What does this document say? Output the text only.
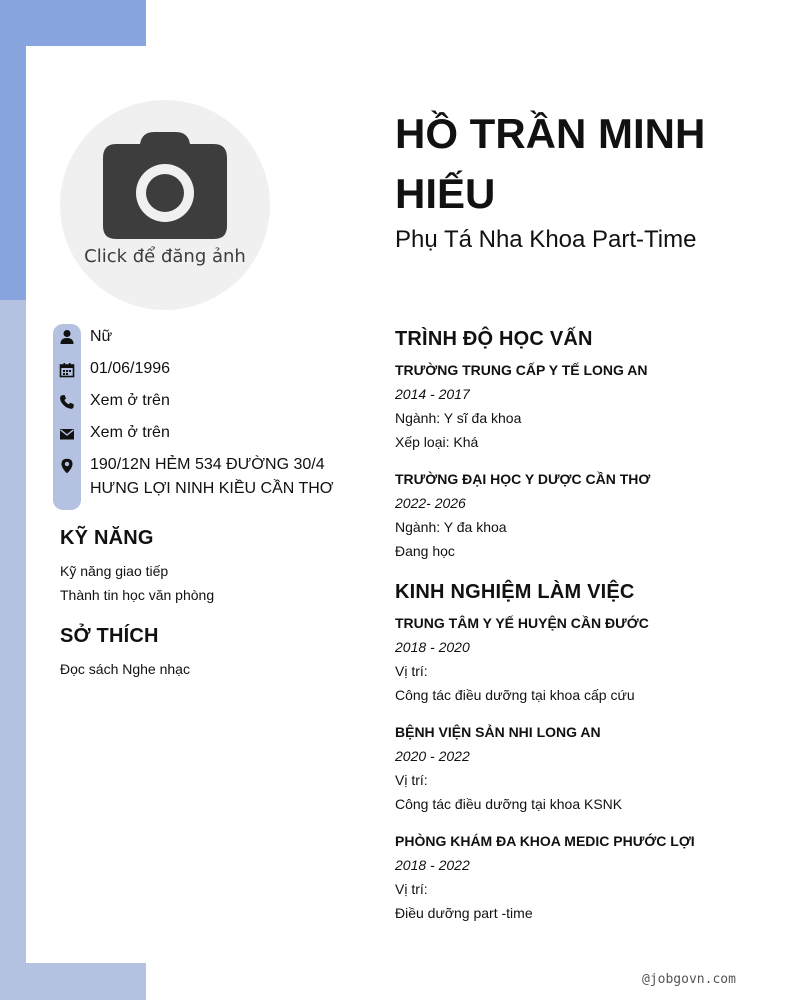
Click để đăng ảnh
Nữ
01/06/1996
Xem ở trên
Xem ở trên
190/12N HẺM 534 ĐƯỜNG 30/4 HƯNG LỢI NINH KIỀU CẦN THƠ
KỸ NĂNG
Kỹ năng giao tiếp
Thành tin học văn phòng
SỞ THÍCH
Đọc sách Nghe nhạc
HỒ TRẦN MINH HIẾU
Phụ Tá Nha Khoa Part-Time
TRÌNH ĐỘ HỌC VẤN
TRƯỜNG TRUNG CẤP Y TẾ LONG AN
2014 - 2017
Ngành: Y sĩ đa khoa
Xếp loại: Khá
TRƯỜNG ĐẠI HỌC Y DƯỢC CẦN THƠ
2022- 2026
Ngành: Y đa khoa
Đang học
KINH NGHIỆM LÀM VIỆC
TRUNG TÂM Y YẾ HUYỆN CẦN ĐƯỚC
2018 - 2020
Vị trí:
Công tác điều dưỡng tại khoa cấp cứu
BỆNH VIỆN SẢN NHI LONG AN
2020 - 2022
Vị trí:
Công tác điều dưỡng tại khoa KSNK
PHÒNG KHÁM ĐA KHOA MEDIC PHƯỚC LỢI
2018 - 2022
Vị trí:
Điều dưỡng part -time
@jobgovn.com
